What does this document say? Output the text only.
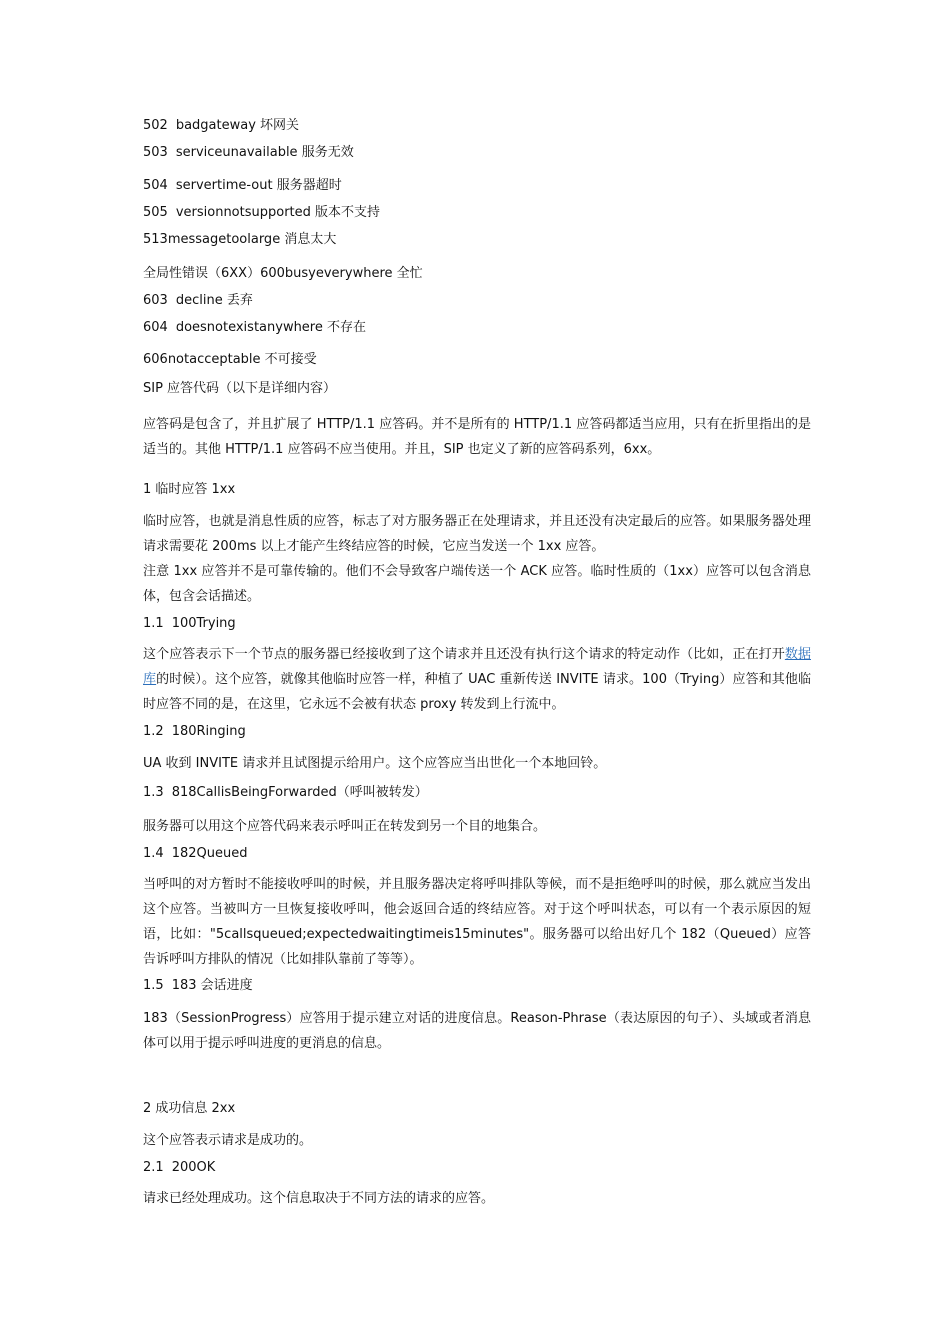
502 badgateway 坏网关
503 serviceunavailable 服务无效
504 servertime-out 服务器超时
505 versionnotsupported 版本不支持
513messagetoolarge 消息太大
全局性错误（6XX）600busyeverywhere 全忙
603 decline 丢弃
604 doesnotexistanywhere 不存在
606notacceptable 不可接受
SIP 应答代码（以下是详细内容）
应答码是包含了，并且扩展了 HTTP/1.1 应答码。并不是所有的 HTTP/1.1 应答码都适当应用，只有在折里指出的是适当的。其他 HTTP/1.1 应答码不应当使用。并且，SIP 也定义了新的应答码系列，6xx。
1 临时应答 1xx
临时应答，也就是消息性质的应答，标志了对方服务器正在处理请求，并且还没有决定最后的应答。如果服务器处理请求需要花 200ms 以上才能产生终结应答的时候，它应当发送一个 1xx 应答。
注意 1xx 应答并不是可靠传输的。他们不会导致客户端传送一个 ACK 应答。临时性质的（1xx）应答可以包含消息体，包含会话描述。
1.1 100Trying
这个应答表示下一个节点的服务器已经接收到了这个请求并且还没有执行这个请求的特定动作（比如，正在打开数据库的时候）。这个应答，就像其他临时应答一样，种植了 UAC 重新传送 INVITE 请求。100（Trying）应答和其他临时应答不同的是，在这里，它永远不会被有状态 proxy 转发到上行流中。
1.2 180Ringing
UA 收到 INVITE 请求并且试图提示给用户。这个应答应当出世化一个本地回铃。
1.3 818CallisBeingForwarded（呼叫被转发）
服务器可以用这个应答代码来表示呼叫正在转发到另一个目的地集合。
1.4 182Queued
当呼叫的对方暂时不能接收呼叫的时候，并且服务器决定将呼叫排队等候，而不是拒绝呼叫的时候，那么就应当发出这个应答。当被叫方一旦恢复接收呼叫，他会返回合适的终结应答。对于这个呼叫状态，可以有一个表示原因的短语，比如："5callsqueued;expectedwaitingtimeis15minutes"。服务器可以给出好几个 182（Queued）应答告诉呼叫方排队的情况（比如排队靠前了等等）。
1.5 183 会话进度
183（SessionProgress）应答用于提示建立对话的进度信息。Reason-Phrase（表达原因的句子）、头域或者消息体可以用于提示呼叫进度的更消息的信息。
2 成功信息 2xx
这个应答表示请求是成功的。
2.1 200OK
请求已经处理成功。这个信息取决于不同方法的请求的应答。
